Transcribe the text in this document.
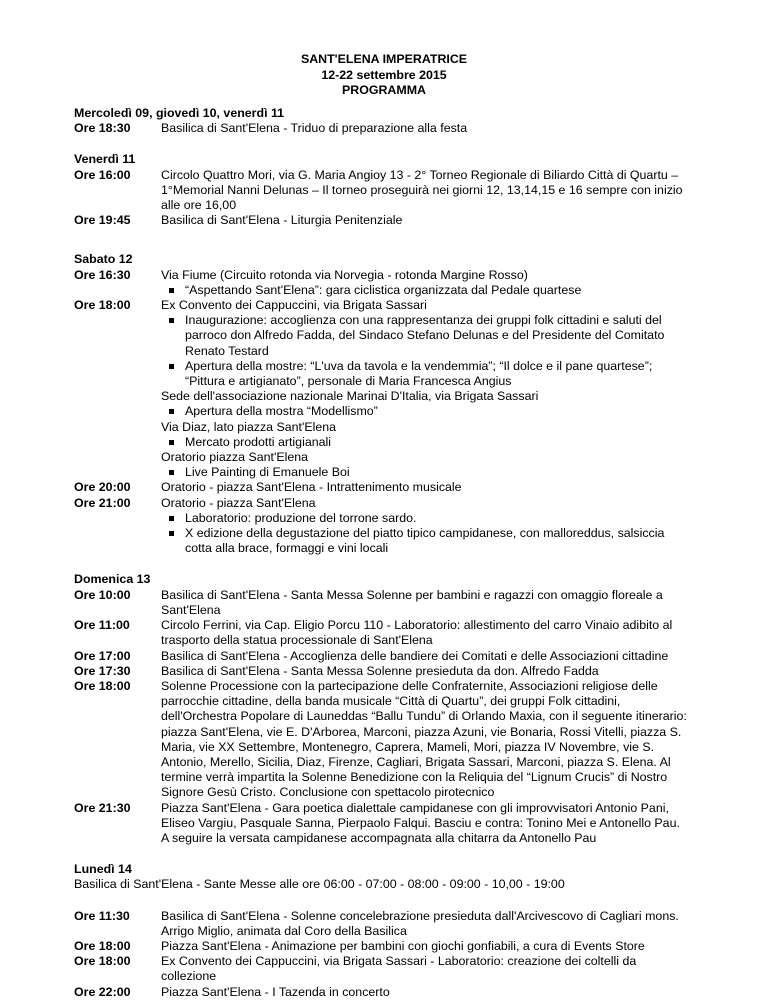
SANT'ELENA IMPERATRICE
12-22 settembre 2015
PROGRAMMA
Mercoledì 09, giovedì 10, venerdì 11
Ore 18:30	Basilica di Sant'Elena - Triduo di preparazione alla festa
Venerdì 11
Ore 16:00	Circolo Quattro Mori, via G. Maria Angioy 13 - 2° Torneo Regionale di Biliardo Città di Quartu –
1°Memorial Nanni Delunas – Il torneo proseguirà nei giorni 12, 13,14,15 e 16 sempre con inizio
alle ore 16,00
Ore 19:45	Basilica di Sant'Elena - Liturgia Penitenziale
Sabato 12
Ore 16:30	Via Fiume (Circuito rotonda via Norvegia - rotonda Margine Rosso)
“Aspettando Sant'Elena”: gara ciclistica organizzata dal Pedale quartese
Ore 18:00	Ex Convento dei Cappuccini, via Brigata Sassari
Inaugurazione: accoglienza con una rappresentanza dei gruppi folk cittadini e saluti del
parroco don Alfredo Fadda, del Sindaco Stefano Delunas e del Presidente del Comitato
Renato Testard
Apertura della mostre: “L'uva da tavola e la vendemmia”; “Il dolce e il pane quartese”;
“Pittura e artigianato”, personale di Maria Francesca Angius
Sede dell'associazione nazionale Marinai D'Italia, via Brigata Sassari
Apertura della mostra “Modellismo”
Via Diaz, lato piazza Sant'Elena
Mercato prodotti artigianali
Oratorio piazza Sant'Elena
Live Painting di Emanuele Boi
Ore 20:00	Oratorio - piazza Sant'Elena - Intrattenimento musicale
Ore 21:00	Oratorio - piazza Sant'Elena
Laboratorio: produzione del torrone sardo.
X edizione della degustazione del piatto tipico campidanese, con malloreddus, salsiccia
cotta alla brace, formaggi e vini locali
Domenica 13
Ore 10:00	Basilica di Sant'Elena - Santa Messa Solenne per bambini e ragazzi con omaggio floreale a
Sant'Elena
Ore 11:00	Circolo Ferrini, via Cap. Eligio Porcu 110 - Laboratorio: allestimento del carro Vinaio adibito al
trasporto della statua processionale di Sant'Elena
Ore 17:00	Basilica di Sant'Elena - Accoglienza delle bandiere dei Comitati e delle Associazioni cittadine
Ore 17:30	Basilica di Sant'Elena - Santa Messa Solenne presieduta da don. Alfredo Fadda
Ore 18:00	Solenne Processione con la partecipazione delle Confraternite, Associazioni religiose delle
parrocchie cittadine, della banda musicale “Città di Quartu”, dei gruppi Folk cittadini,
dell'Orchestra Popolare di Launeddas “Ballu Tundu” di Orlando Maxia, con il seguente itinerario:
piazza Sant'Elena, vie E. D'Arborea, Marconi, piazza Azuni, vie Bonaria, Rossi Vitelli, piazza S.
Maria, vie XX Settembre, Montenegro, Caprera, Mameli, Mori, piazza IV Novembre, vie S.
Antonio, Merello, Sicilia, Diaz, Firenze, Cagliari, Brigata Sassari, Marconi, piazza S. Elena. Al
termine verrà impartita la Solenne Benedizione con la Reliquia del “Lignum Crucis” di Nostro
Signore Gesù Cristo. Conclusione con spettacolo pirotecnico
Ore 21:30	Piazza Sant'Elena - Gara poetica dialettale campidanese con gli improvvisatori Antonio Pani,
Eliseo Vargiu, Pasquale Sanna, Pierpaolo Falqui. Basciu e contra: Tonino Mei e Antonello Pau.
A seguire la versata campidanese accompagnata alla chitarra da Antonello Pau
Lunedì 14
Basilica di Sant'Elena - Sante Messe alle ore 06:00 - 07:00 - 08:00 - 09:00 - 10,00 - 19:00
Ore 11:30	Basilica di Sant'Elena - Solenne concelebrazione presieduta dall'Arcivescovo di Cagliari mons.
Arrigo Miglio, animata dal Coro della Basilica
Ore 18:00	Piazza Sant'Elena - Animazione per bambini con giochi gonfiabili, a cura di Events Store
Ore 18:00	Ex Convento dei Cappuccini, via Brigata Sassari - Laboratorio: creazione dei coltelli da
collezione
Ore 22:00	Piazza Sant'Elena - I Tazenda in concerto
